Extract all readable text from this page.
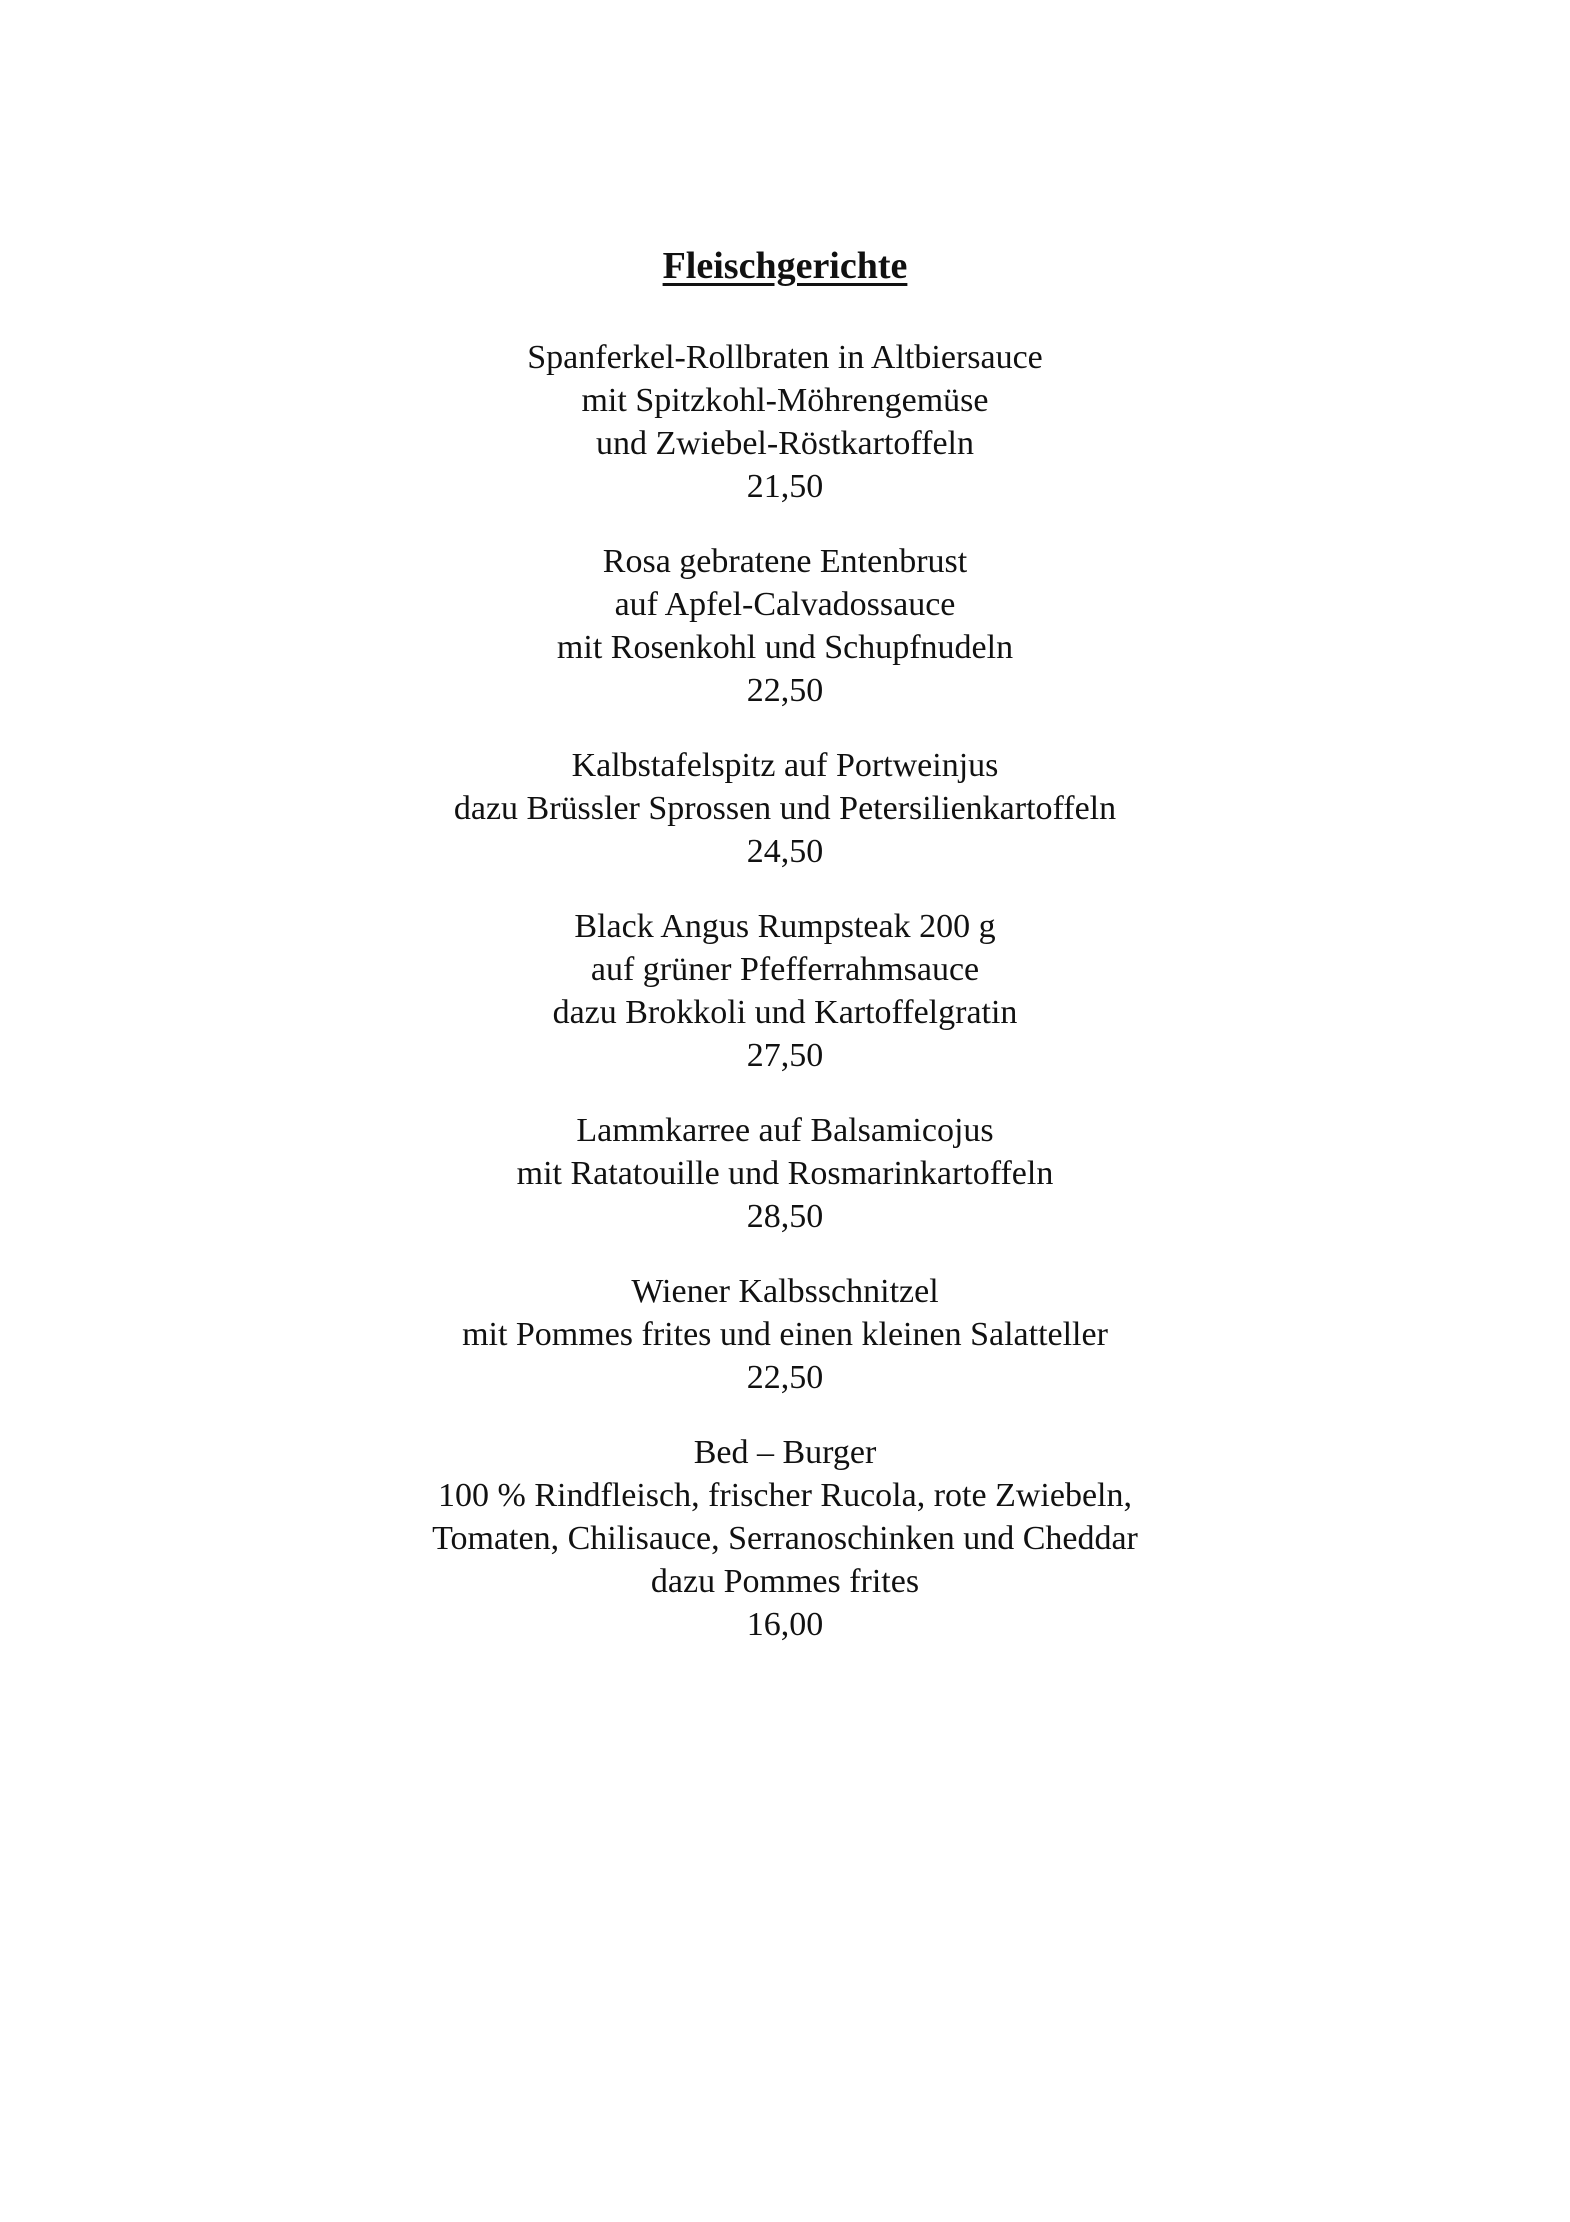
Fleischgerichte
Spanferkel-Rollbraten in Altbiersauce
mit Spitzkohl-Möhrengemüse
und Zwiebel-Röstkartoffeln
21,50
Rosa gebratene Entenbrust
auf Apfel-Calvadossauce
mit Rosenkohl und Schupfnudeln
22,50
Kalbstafelspitz auf Portweinjus
dazu Brüssler Sprossen und Petersilienkartoffeln
24,50
Black Angus Rumpsteak 200 g
auf grüner Pfefferrahmsauce
dazu Brokkoli und Kartoffelgratin
27,50
Lammkarree auf Balsamicojus
mit Ratatouille und Rosmarinkartoffeln
28,50
Wiener Kalbsschnitzel
mit Pommes frites und einen kleinen Salatteller
22,50
Bed – Burger
100 % Rindfleisch, frischer Rucola, rote Zwiebeln,
Tomaten, Chilisauce, Serranoschinken und Cheddar
dazu Pommes frites
16,00
